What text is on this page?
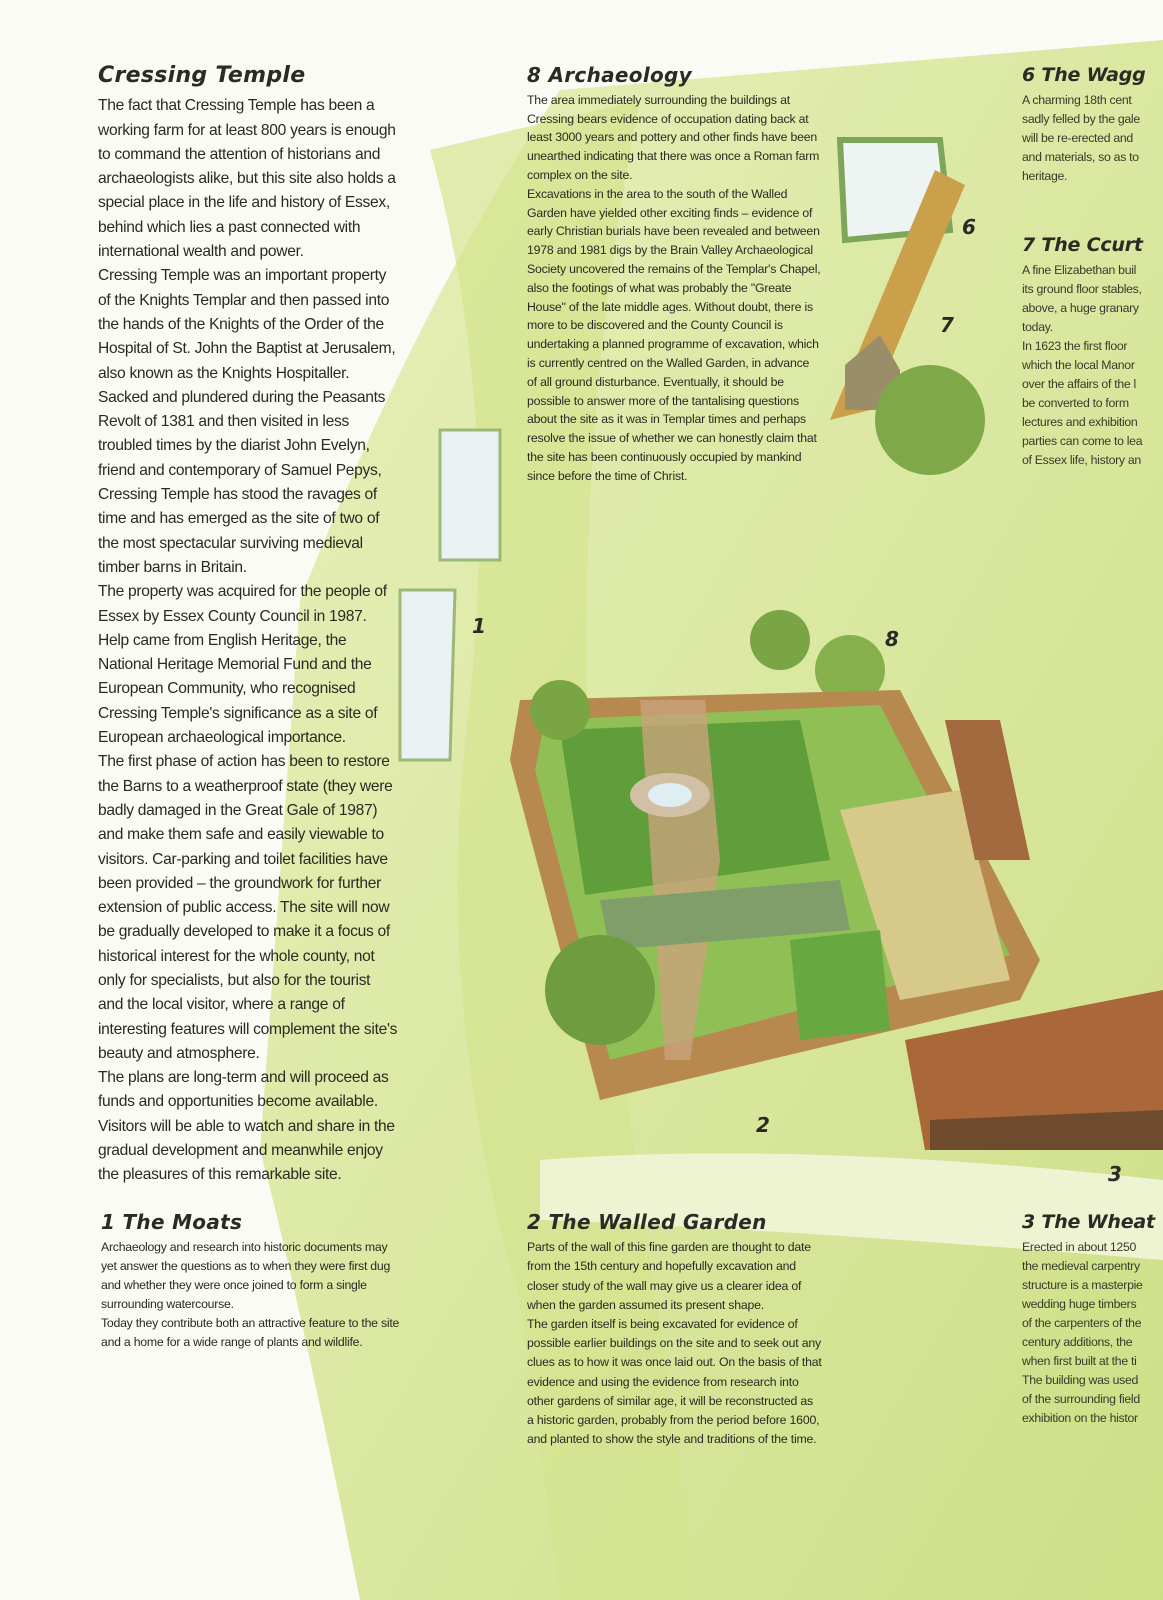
Cressing Temple

The fact that Cressing Temple has been a working farm for at least 800 years is enough to command the attention of historians and archaeologists alike, but this site also holds a special place in the life and history of Essex, behind which lies a past connected with international wealth and power.

Cressing Temple was an important property of the Knights Templar and then passed into the hands of the Knights of the Order of the Hospital of St. John the Baptist at Jerusalem, also known as the Knights Hospitaller. Sacked and plundered during the Peasants Revolt of 1381 and then visited in less troubled times by the diarist John Evelyn, friend and contemporary of Samuel Pepys, Cressing Temple has stood the ravages of time and has emerged as the site of two of the most spectacular surviving medieval timber barns in Britain.

The property was acquired for the people of Essex by Essex County Council in 1987. Help came from English Heritage, the National Heritage Memorial Fund and the European Community, who recognised Cressing Temple's significance as a site of European archaeological importance.

The first phase of action has been to restore the Barns to a weatherproof state (they were badly damaged in the Great Gale of 1987) and make them safe and easily viewable to visitors. Car-parking and toilet facilities have been provided – the groundwork for further extension of public access. The site will now be gradually developed to make it a focus of historical interest for the whole county, not only for specialists, but also for the tourist and the local visitor, where a range of interesting features will complement the site's beauty and atmosphere.

The plans are long-term and will proceed as funds and opportunities become available. Visitors will be able to watch and share in the gradual development and meanwhile enjoy the pleasures of this remarkable site.

8 Archaeology

The area immediately surrounding the buildings at Cressing bears evidence of occupation dating back at least 3000 years and pottery and other finds have been unearthed indicating that there was once a Roman farm complex on the site.

Excavations in the area to the south of the Walled Garden have yielded other exciting finds – evidence of early Christian burials have been revealed and between 1978 and 1981 digs by the Brain Valley Archaeological Society uncovered the remains of the Templar's Chapel, also the footings of what was probably the "Greate House" of the late middle ages. Without doubt, there is more to be discovered and the County Council is undertaking a planned programme of excavation, which is currently centred on the Walled Garden, in advance of all ground disturbance. Eventually, it should be possible to answer more of the tantalising questions about the site as it was in Templar times and perhaps resolve the issue of whether we can honestly claim that the site has been continuously occupied by mankind since before the time of Christ.

1 The Moats

Archaeology and research into historic documents may yet answer the questions as to when they were first dug and whether they were once joined to form a single surrounding watercourse.

Today they contribute both an attractive feature to the site and a home for a wide range of plants and wildlife.

2 The Walled Garden

Parts of the wall of this fine garden are thought to date from the 15th century and hopefully excavation and closer study of the wall may give us a clearer idea of when the garden assumed its present shape.

The garden itself is being excavated for evidence of possible earlier buildings on the site and to seek out any clues as to how it was once laid out. On the basis of that evidence and using the evidence from research into other gardens of similar age, it will be reconstructed as a historic garden, probably from the period before 1600, and planted to show the style and traditions of the time.

6 The Wagg
A charming 18th cent
sadly felled by the gale
will be re-erected and
and materials, so as to
heritage.
7 The Ccurt
A fine Elizabethan buil
its ground floor stables,
above, a huge granary
today.
In 1623 the first floor
which the local Manor
over the affairs of the l
be converted to form
lectures and exhibition
parties can come to lea
of Essex life, history an
3 The Wheat
Erected in about 1250
the medieval carpentry
structure is a masterpie
wedding huge timbers
of the carpenters of the
century additions, the
when first built at the ti
The building was used
of the surrounding field
exhibition on the histor
1
2
3
6
7
8
